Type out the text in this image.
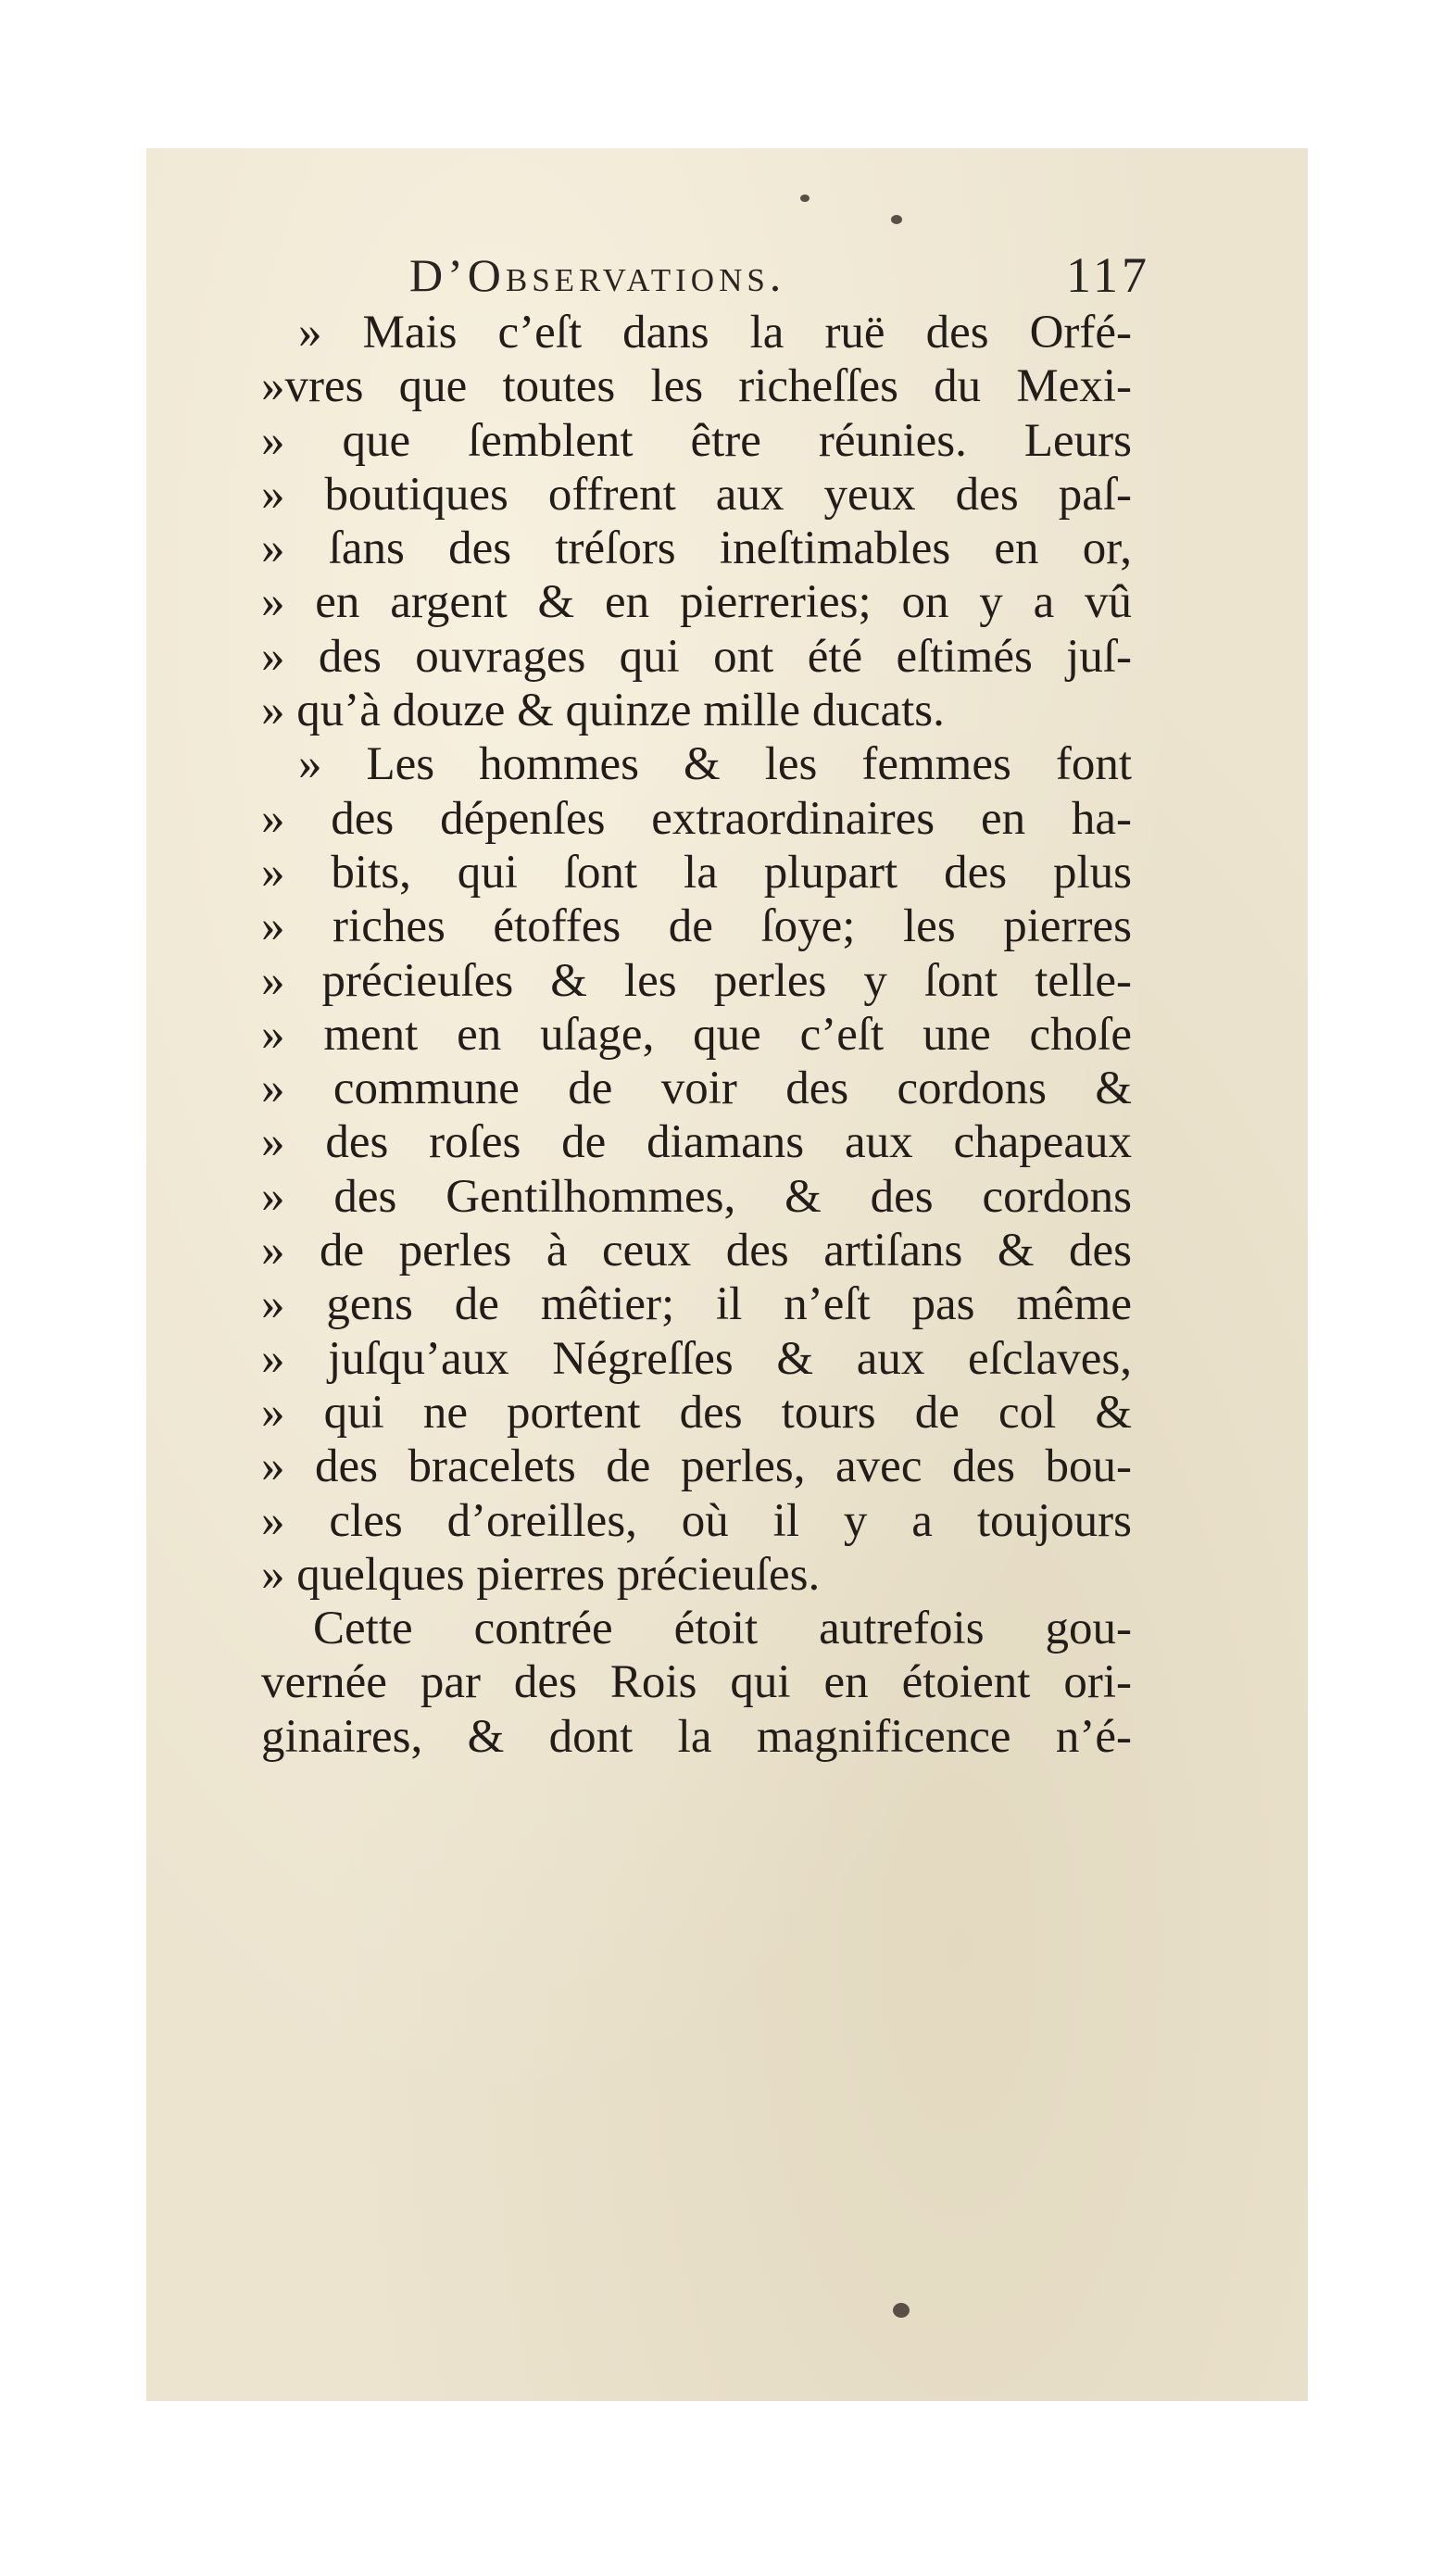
D’Observations.	117
» Mais c’eſt dans la ruë des Orfé-
»vres que toutes les richeſſes du Mexi-
» que ſemblent être réunies. Leurs
» boutiques offrent aux yeux des paſ-
» ſans des tréſors ineſtimables en or,
» en argent & en pierreries; on y a vû
» des ouvrages qui ont été eſtimés juſ-
» qu’à douze & quinze mille ducats.
» Les hommes & les femmes font
» des dépenſes extraordinaires en ha-
» bits, qui ſont la plupart des plus
» riches étoffes de ſoye; les pierres
» précieuſes & les perles y ſont telle-
» ment en uſage, que c’eſt une choſe
» commune de voir des cordons &
» des roſes de diamans aux chapeaux
» des Gentilhommes, & des cordons
» de perles à ceux des artiſans & des
» gens de mêtier; il n’eſt pas même
» juſqu’aux Négreſſes & aux eſclaves,
» qui ne portent des tours de col &
» des bracelets de perles, avec des bou-
» cles d’oreilles, où il y a toujours
» quelques pierres précieuſes.
Cette contrée étoit autrefois gou-
vernée par des Rois qui en étoient ori-
ginaires, & dont la magnificence n’é-
